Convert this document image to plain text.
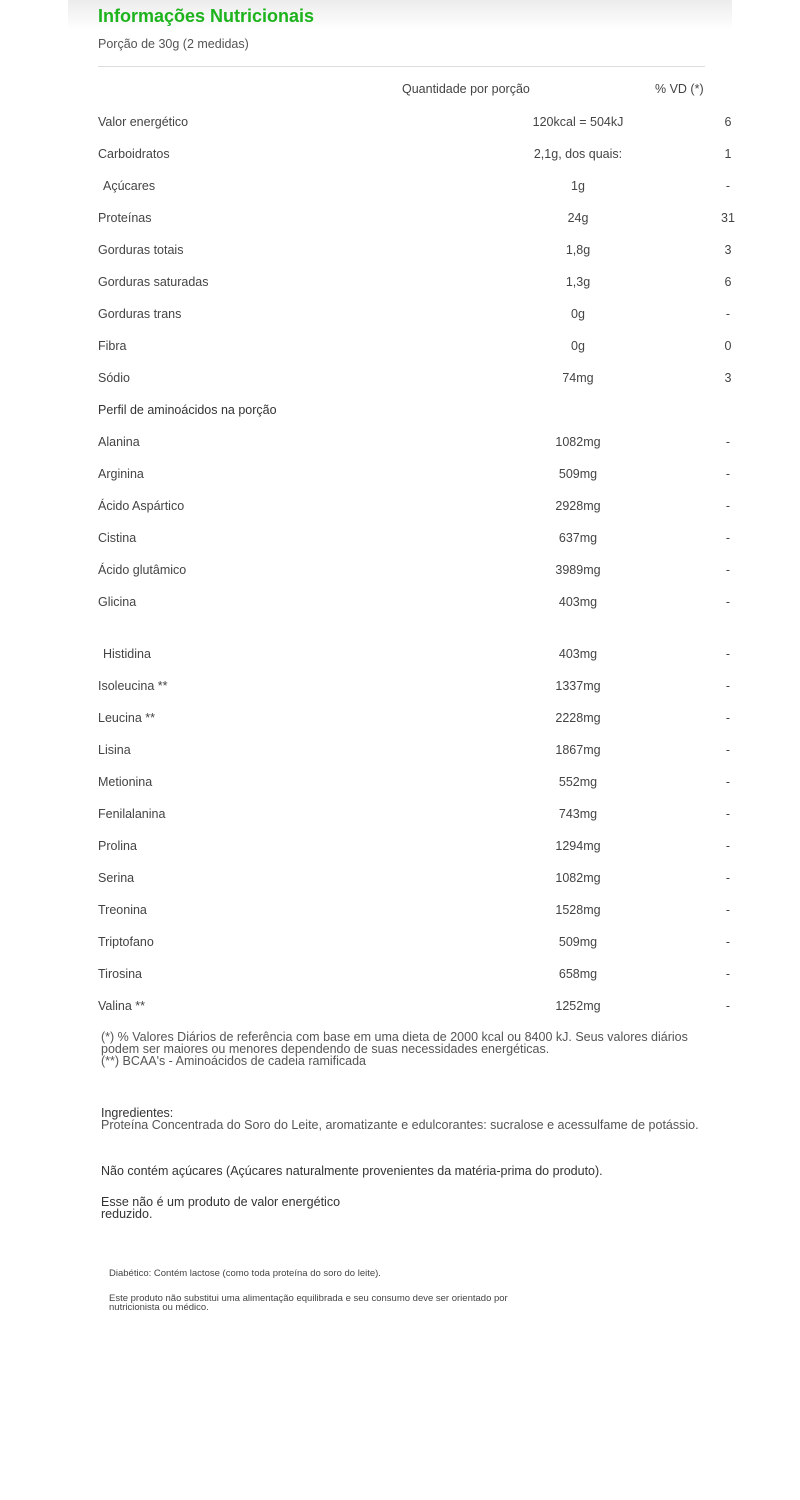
Informações Nutricionais
Porção de 30g (2 medidas)
Quantidade por porção	% VD (*)
Valor energético	120kcal = 504kJ	6
Carboidratos	2,1g, dos quais:	1
Açúcares	1g	-
Proteínas	24g	31
Gorduras totais	1,8g	3
Gorduras saturadas	1,3g	6
Gorduras trans	0g	-
Fibra	0g	0
Sódio	74mg	3
Perfil de aminoácidos na porção
Alanina	1082mg	-
Arginina	509mg	-
Ácido Aspártico	2928mg	-
Cistina	637mg	-
Ácido glutâmico	3989mg	-
Glicina	403mg	-
Histidina	403mg	-
Isoleucina **	1337mg	-
Leucina **	2228mg	-
Lisina	1867mg	-
Metionina	552mg	-
Fenilalanina	743mg	-
Prolina	1294mg	-
Serina	1082mg	-
Treonina	1528mg	-
Triptofano	509mg	-
Tirosina	658mg	-
Valina **	1252mg	-
(*) % Valores Diários de referência com base em uma dieta de 2000 kcal ou 8400 kJ. Seus valores diários podem ser maiores ou menores dependendo de suas necessidades energéticas.
(**) BCAA's - Aminoácidos de cadeia ramificada
Ingredientes:
Proteína Concentrada do Soro do Leite, aromatizante e edulcorantes: sucralose e acessulfame de potássio.
Não contém açúcares (Açúcares naturalmente provenientes da matéria-prima do produto).
Esse não é um produto de valor energético reduzido.
Diabético: Contém lactose (como toda proteína do soro do leite).
Este produto não substitui uma alimentação equilibrada e seu consumo deve ser orientado por nutricionista ou médico.
